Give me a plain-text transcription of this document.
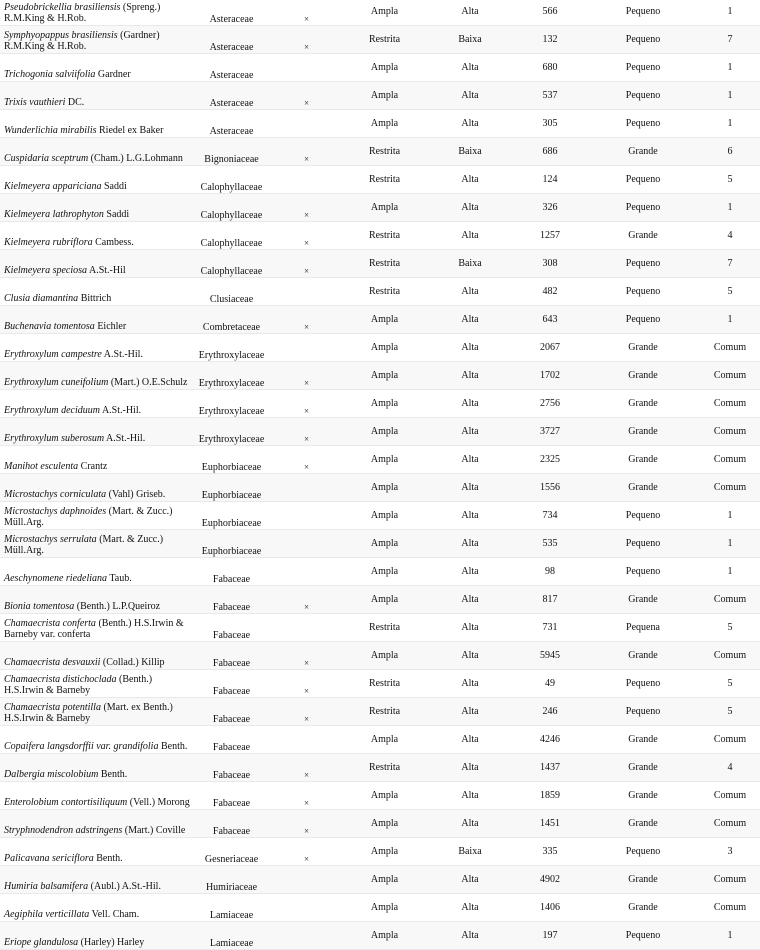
Pseudobrickellia brasiliensis (Spreng.) R.M.King & H.Rob.	Asteraceae	×	Ampla	Alta	566	Pequeno	1
Symphyopappus brasiliensis (Gardner) R.M.King & H.Rob.	Asteraceae	×	Restrita	Baixa	132	Pequeno	7
Trichogonia salviifolia Gardner	Asteraceae		Ampla	Alta	680	Pequeno	1
Trixis vauthieri DC.	Asteraceae	×	Ampla	Alta	537	Pequeno	1
Wunderlichia mirabilis Riedel ex Baker	Asteraceae		Ampla	Alta	305	Pequeno	1
Cuspidaria sceptrum (Cham.) L.G.Lohmann	Bignoniaceae	×	Restrita	Baixa	686	Grande	6
Kielmeyera appariciana Saddi	Calophyllaceae		Restrita	Alta	124	Pequeno	5
Kielmeyera lathrophyton Saddi	Calophyllaceae	×	Ampla	Alta	326	Pequeno	1
Kielmeyera rubriflora Cambess.	Calophyllaceae	×	Restrita	Alta	1257	Grande	4
Kielmeyera speciosa A.St.-Hil	Calophyllaceae	×	Restrita	Baixa	308	Pequeno	7
Clusia diamantina Bittrich	Clusiaceae		Restrita	Alta	482	Pequeno	5
Buchenavia tomentosa Eichler	Combretaceae	×	Ampla	Alta	643	Pequeno	1
Erythroxylum campestre A.St.-Hil.	Erythroxylaceae		Ampla	Alta	2067	Grande	Comum
Erythroxylum cuneifolium (Mart.) O.E.Schulz	Erythroxylaceae	×	Ampla	Alta	1702	Grande	Comum
Erythroxylum deciduum A.St.-Hil.	Erythroxylaceae	×	Ampla	Alta	2756	Grande	Comum
Erythroxylum suberosum A.St.-Hil.	Erythroxylaceae	×	Ampla	Alta	3727	Grande	Comum
Manihot esculenta Crantz	Euphorbiaceae	×	Ampla	Alta	2325	Grande	Comum
Microstachys corniculata (Vahl) Griseb.	Euphorbiaceae		Ampla	Alta	1556	Grande	Comum
Microstachys daphnoides (Mart. & Zucc.) Müll.Arg.	Euphorbiaceae		Ampla	Alta	734	Pequeno	1
Microstachys serrulata (Mart. & Zucc.) Müll.Arg.	Euphorbiaceae		Ampla	Alta	535	Pequeno	1
Aeschynomene riedeliana Taub.	Fabaceae		Ampla	Alta	98	Pequeno	1
Bionia tomentosa (Benth.) L.P.Queiroz	Fabaceae	×	Ampla	Alta	817	Grande	Comum
Chamaecrista conferta (Benth.) H.S.Irwin & Barneby var. conferta	Fabaceae		Restrita	Alta	731	Pequena	5
Chamaecrista desvauxii (Collad.) Killip	Fabaceae	×	Ampla	Alta	5945	Grande	Comum
Chamaecrista distichoclada (Benth.) H.S.Irwin & Barneby	Fabaceae	×	Restrita	Alta	49	Pequeno	5
Chamaecrista potentilla (Mart. ex Benth.) H.S.Irwin & Barneby	Fabaceae	×	Restrita	Alta	246	Pequeno	5
Copaifera langsdorffii var. grandifolia Benth.	Fabaceae		Ampla	Alta	4246	Grande	Comum
Dalbergia miscolobium Benth.	Fabaceae	×	Restrita	Alta	1437	Grande	4
Enterolobium contortisiliquum (Vell.) Morong	Fabaceae	×	Ampla	Alta	1859	Grande	Comum
Stryphnodendron adstringens (Mart.) Coville	Fabaceae	×	Ampla	Alta	1451	Grande	Comum
Palicavana sericiflora Benth.	Gesneriaceae	×	Ampla	Baixa	335	Pequeno	3
Humiria balsamifera (Aubl.) A.St.-Hil.	Humiriaceae		Ampla	Alta	4902	Grande	Comum
Aegiphila verticillata Vell. Cham.	Lamiaceae		Ampla	Alta	1406	Grande	Comum
Eriope glandulosa (Harley) Harley	Lamiaceae		Ampla	Alta	197	Pequeno	1
